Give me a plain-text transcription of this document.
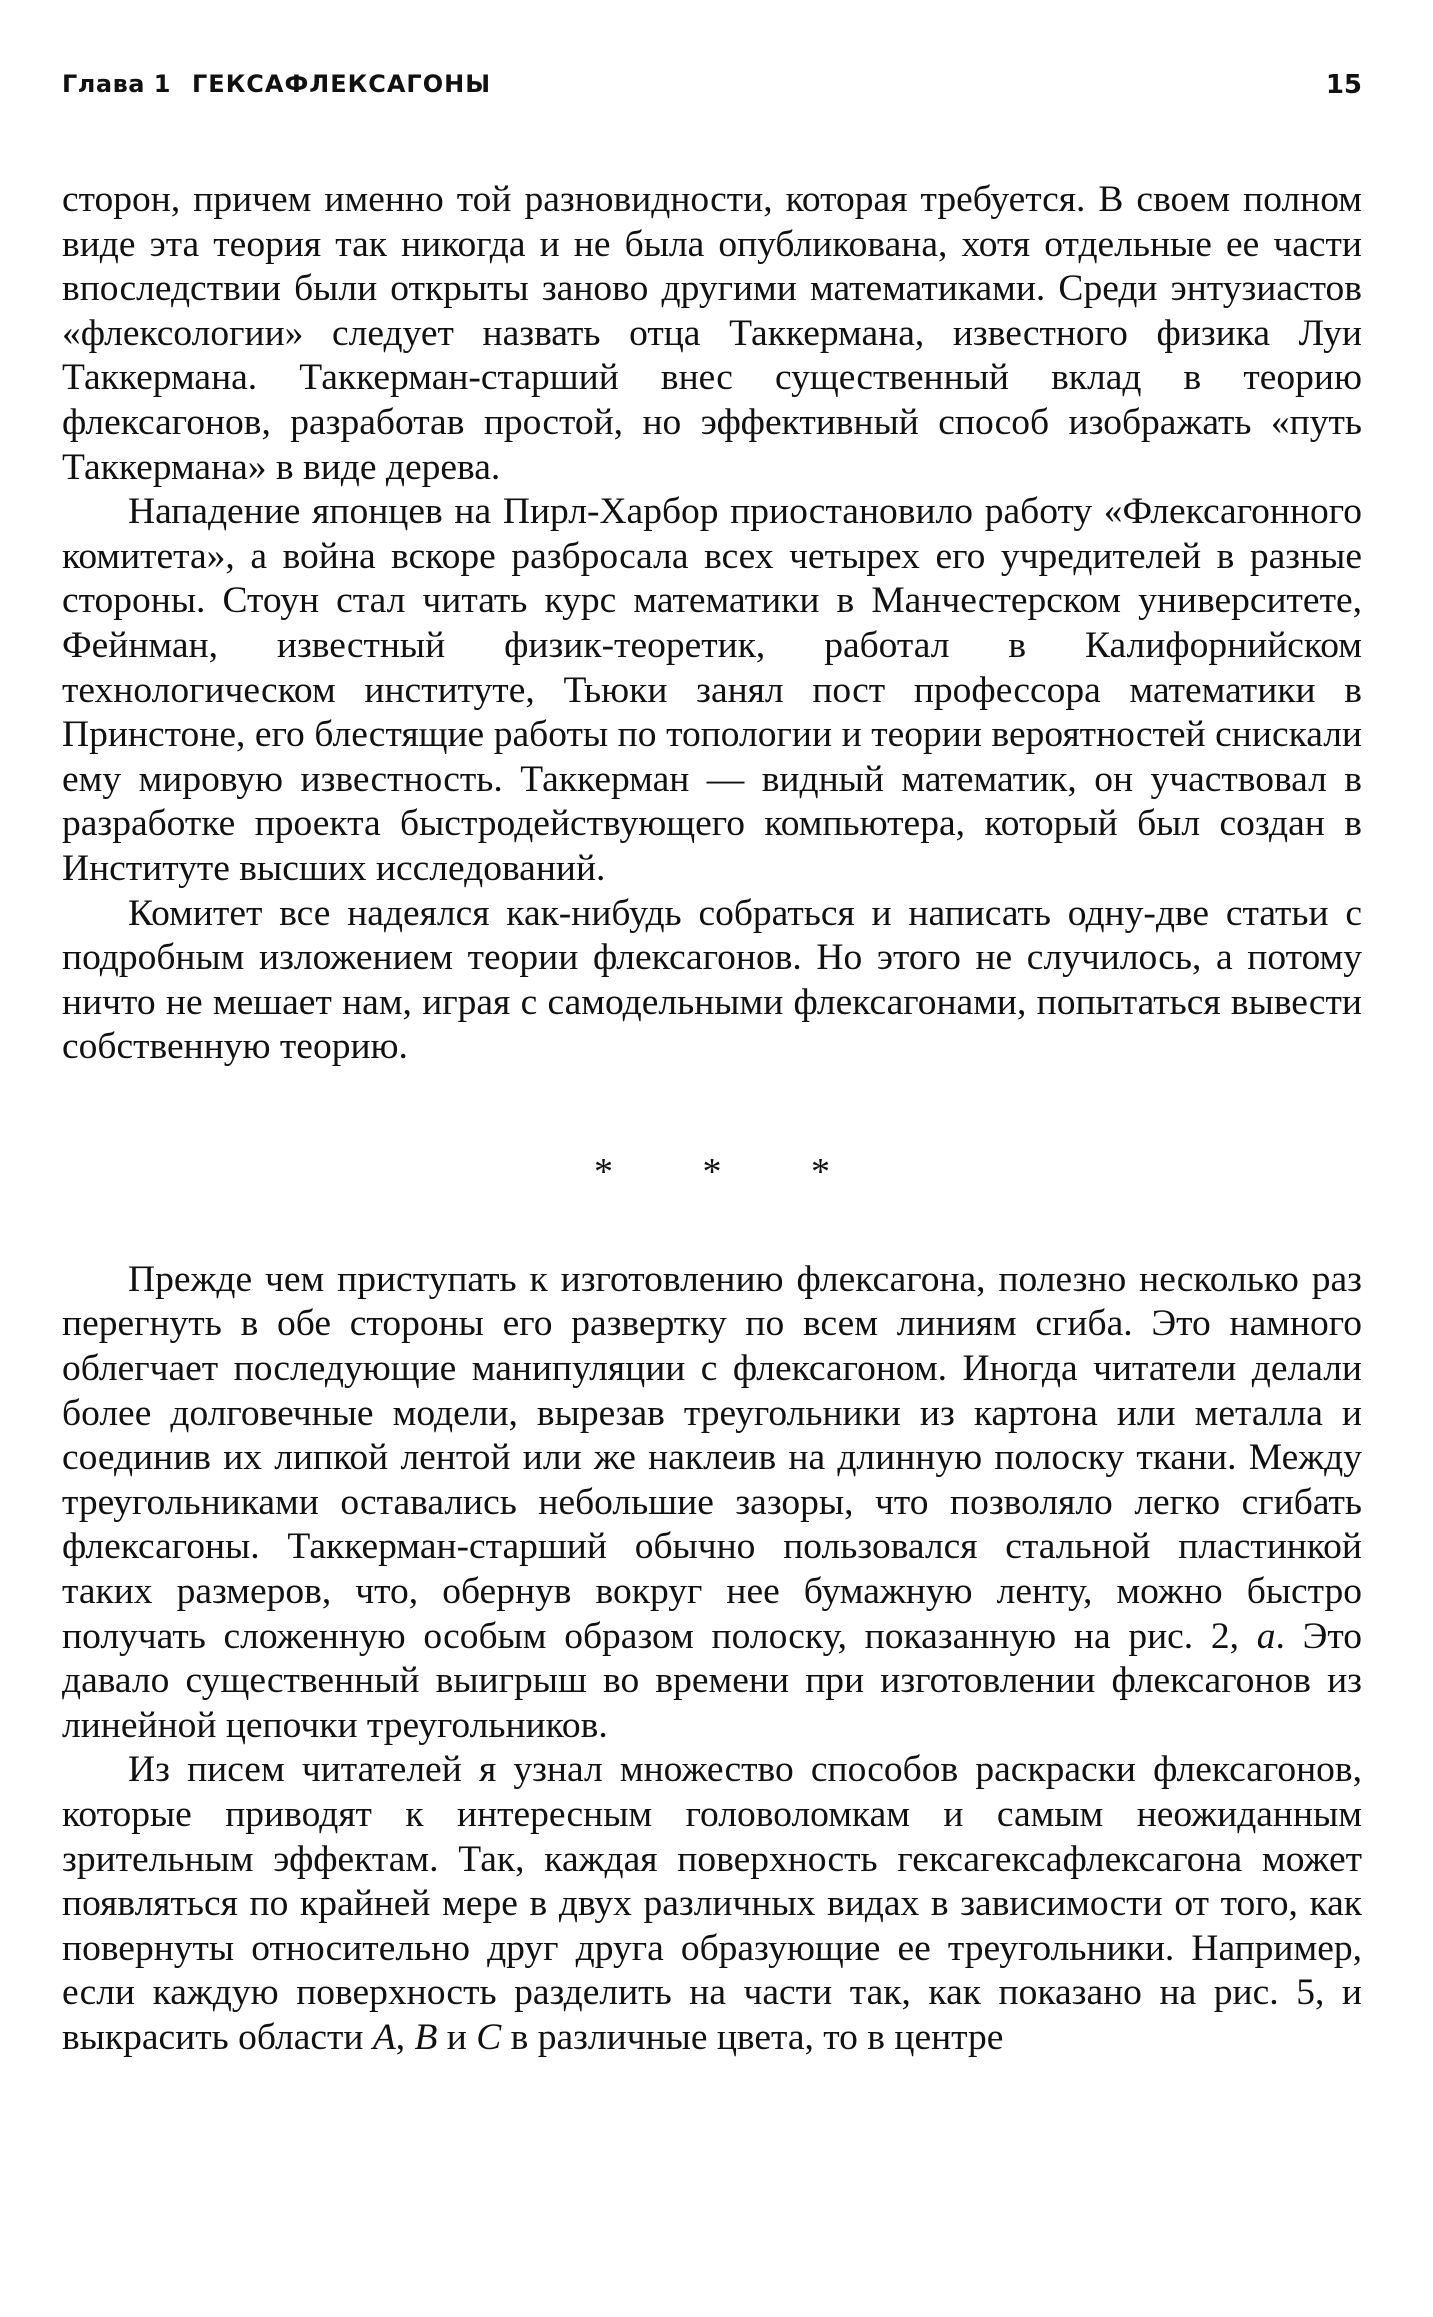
Глава 1 ГЕКСАФЛЕКСАГОНЫ	15

сторон, причем именно той разновидности, которая требуется. В своем полном виде эта теория так никогда и не была опубликована, хотя отдельные ее части впоследствии были открыты заново другими математиками. Среди энтузиастов «флексологии» следует назвать отца Таккермана, известного физика Луи Таккермана. Таккерман-старший внес существенный вклад в теорию флексагонов, разработав простой, но эффективный способ изображать «путь Таккермана» в виде дерева.

Нападение японцев на Пирл-Харбор приостановило работу «Флексагонного комитета», а война вскоре разбросала всех четырех его учредителей в разные стороны. Стоун стал читать курс математики в Манчестерском университете, Фейнман, известный физик-теоретик, работал в Калифорнийском технологическом институте, Тьюки занял пост профессора математики в Принстоне, его блестящие работы по топологии и теории вероятностей снискали ему мировую известность. Таккерман — видный математик, он участвовал в разработке проекта быстродействующего компьютера, который был создан в Институте высших исследований.

Комитет все надеялся как-нибудь собраться и написать одну-две статьи с подробным изложением теории флексагонов. Но этого не случилось, а потому ничто не мешает нам, играя с самодельными флексагонами, попытаться вывести собственную теорию.

* * *

Прежде чем приступать к изготовлению флексагона, полезно несколько раз перегнуть в обе стороны его развертку по всем линиям сгиба. Это намного облегчает последующие манипуляции с флексагоном. Иногда читатели делали более долговечные модели, вырезав треугольники из картона или металла и соединив их липкой лентой или же наклеив на длинную полоску ткани. Между треугольниками оставались небольшие зазоры, что позволяло легко сгибать флексагоны. Таккерман-старший обычно пользовался стальной пластинкой таких размеров, что, обернув вокруг нее бумажную ленту, можно быстро получать сложенную особым образом полоску, показанную на рис. 2, а. Это давало существенный выигрыш во времени при изготовлении флексагонов из линейной цепочки треугольников.

Из писем читателей я узнал множество способов раскраски флексагонов, которые приводят к интересным головоломкам и самым неожиданным зрительным эффектам. Так, каждая поверхность гексагексафлексагона может появляться по крайней мере в двух различных видах в зависимости от того, как повернуты относительно друг друга образующие ее треугольники. Например, если каждую поверхность разделить на части так, как показано на рис. 5, и выкрасить области A, B и C в различные цвета, то в центре
